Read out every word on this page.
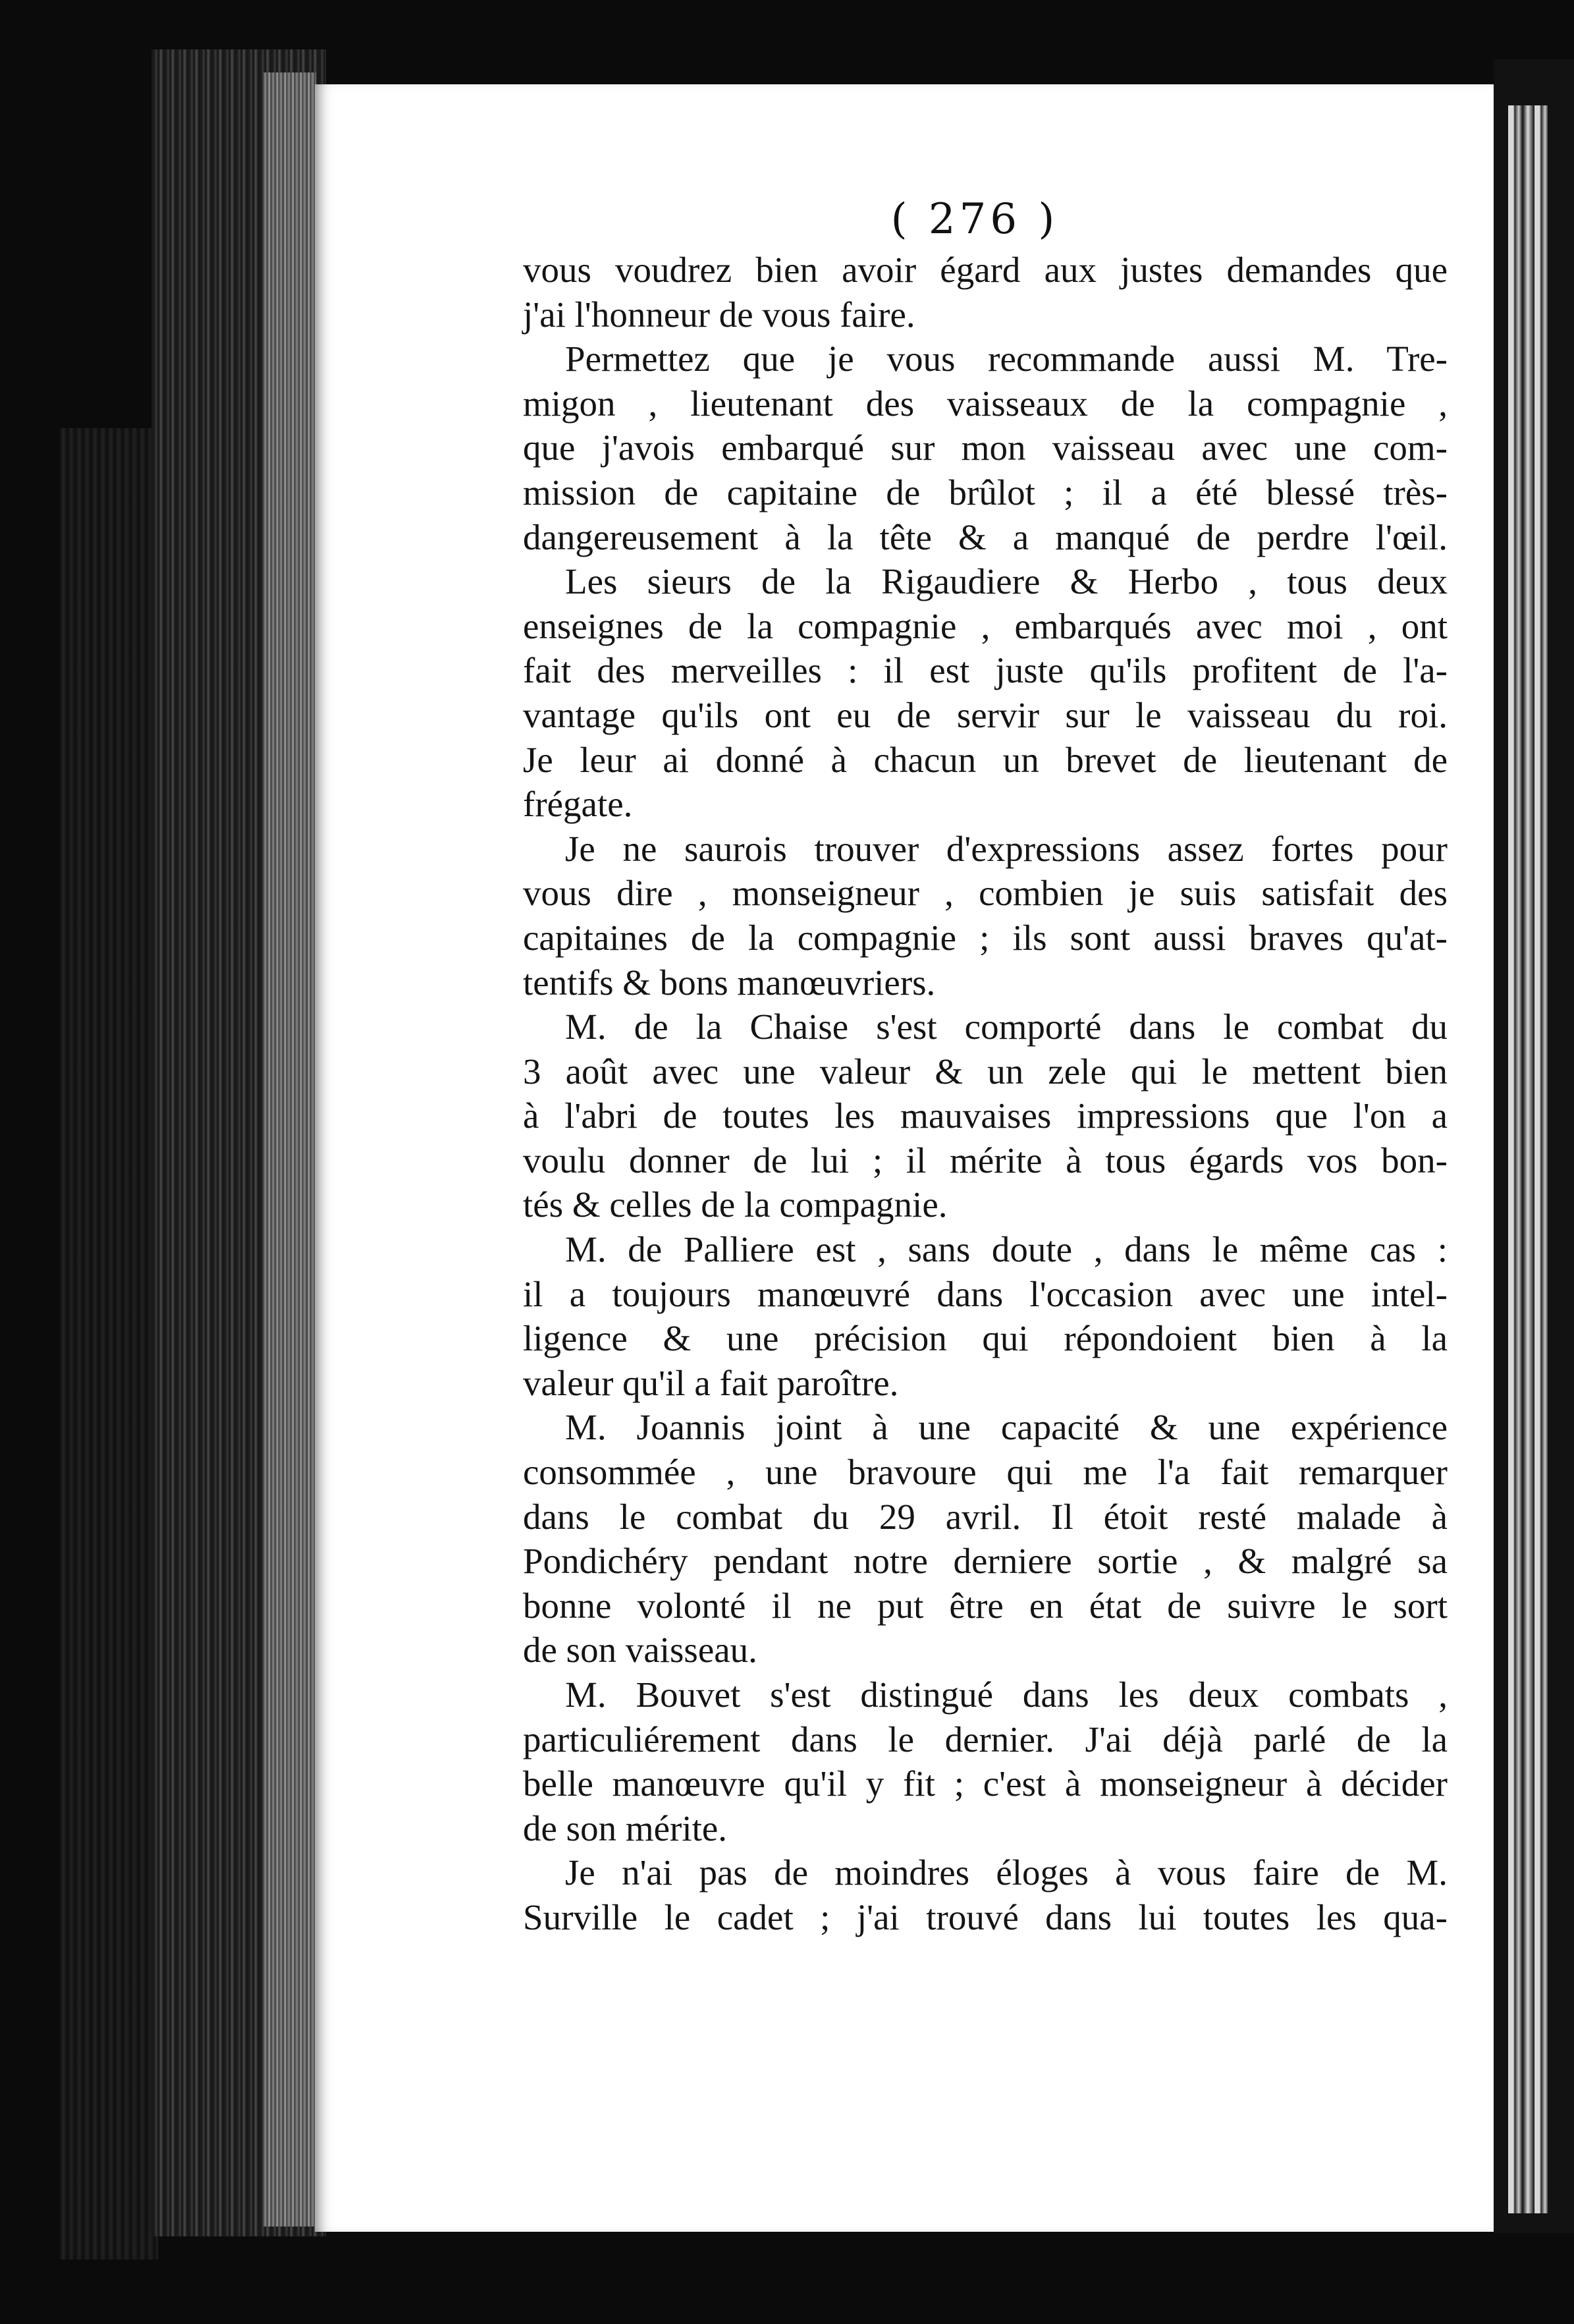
( 276 )

vous voudrez bien avoir égard aux justes demandes que
j'ai l'honneur de vous faire.

Permettez que je vous recommande aussi M. Tre-
migon , lieutenant des vaisseaux de la compagnie ,
que j'avois embarqué sur mon vaisseau avec une com-
mission de capitaine de brûlot ; il a été blessé très-
dangereusement à la tête & a manqué de perdre l'œil.

Les sieurs de la Rigaudiere & Herbo , tous deux
enseignes de la compagnie , embarqués avec moi , ont
fait des merveilles : il est juste qu'ils profitent de l'a-
vantage qu'ils ont eu de servir sur le vaisseau du roi.
Je leur ai donné à chacun un brevet de lieutenant de
frégate.

Je ne saurois trouver d'expressions assez fortes pour
vous dire , monseigneur , combien je suis satisfait des
capitaines de la compagnie ; ils sont aussi braves qu'at-
tentifs & bons manœuvriers.

M. de la Chaise s'est comporté dans le combat du
3 août avec une valeur & un zele qui le mettent bien
à l'abri de toutes les mauvaises impressions que l'on a
voulu donner de lui ; il mérite à tous égards vos bon-
tés & celles de la compagnie.

M. de Palliere est , sans doute , dans le même cas :
il a toujours manœuvré dans l'occasion avec une intel-
ligence & une précision qui répondoient bien à la
valeur qu'il a fait paroître.

M. Joannis joint à une capacité & une expérience
consommée , une bravoure qui me l'a fait remarquer
dans le combat du 29 avril. Il étoit resté malade à
Pondichéry pendant notre derniere sortie , & malgré sa
bonne volonté il ne put être en état de suivre le sort
de son vaisseau.

M. Bouvet s'est distingué dans les deux combats ,
particuliérement dans le dernier. J'ai déjà parlé de la
belle manœuvre qu'il y fit ; c'est à monseigneur à décider
de son mérite.

Je n'ai pas de moindres éloges à vous faire de M.
Surville le cadet ; j'ai trouvé dans lui toutes les qua-
